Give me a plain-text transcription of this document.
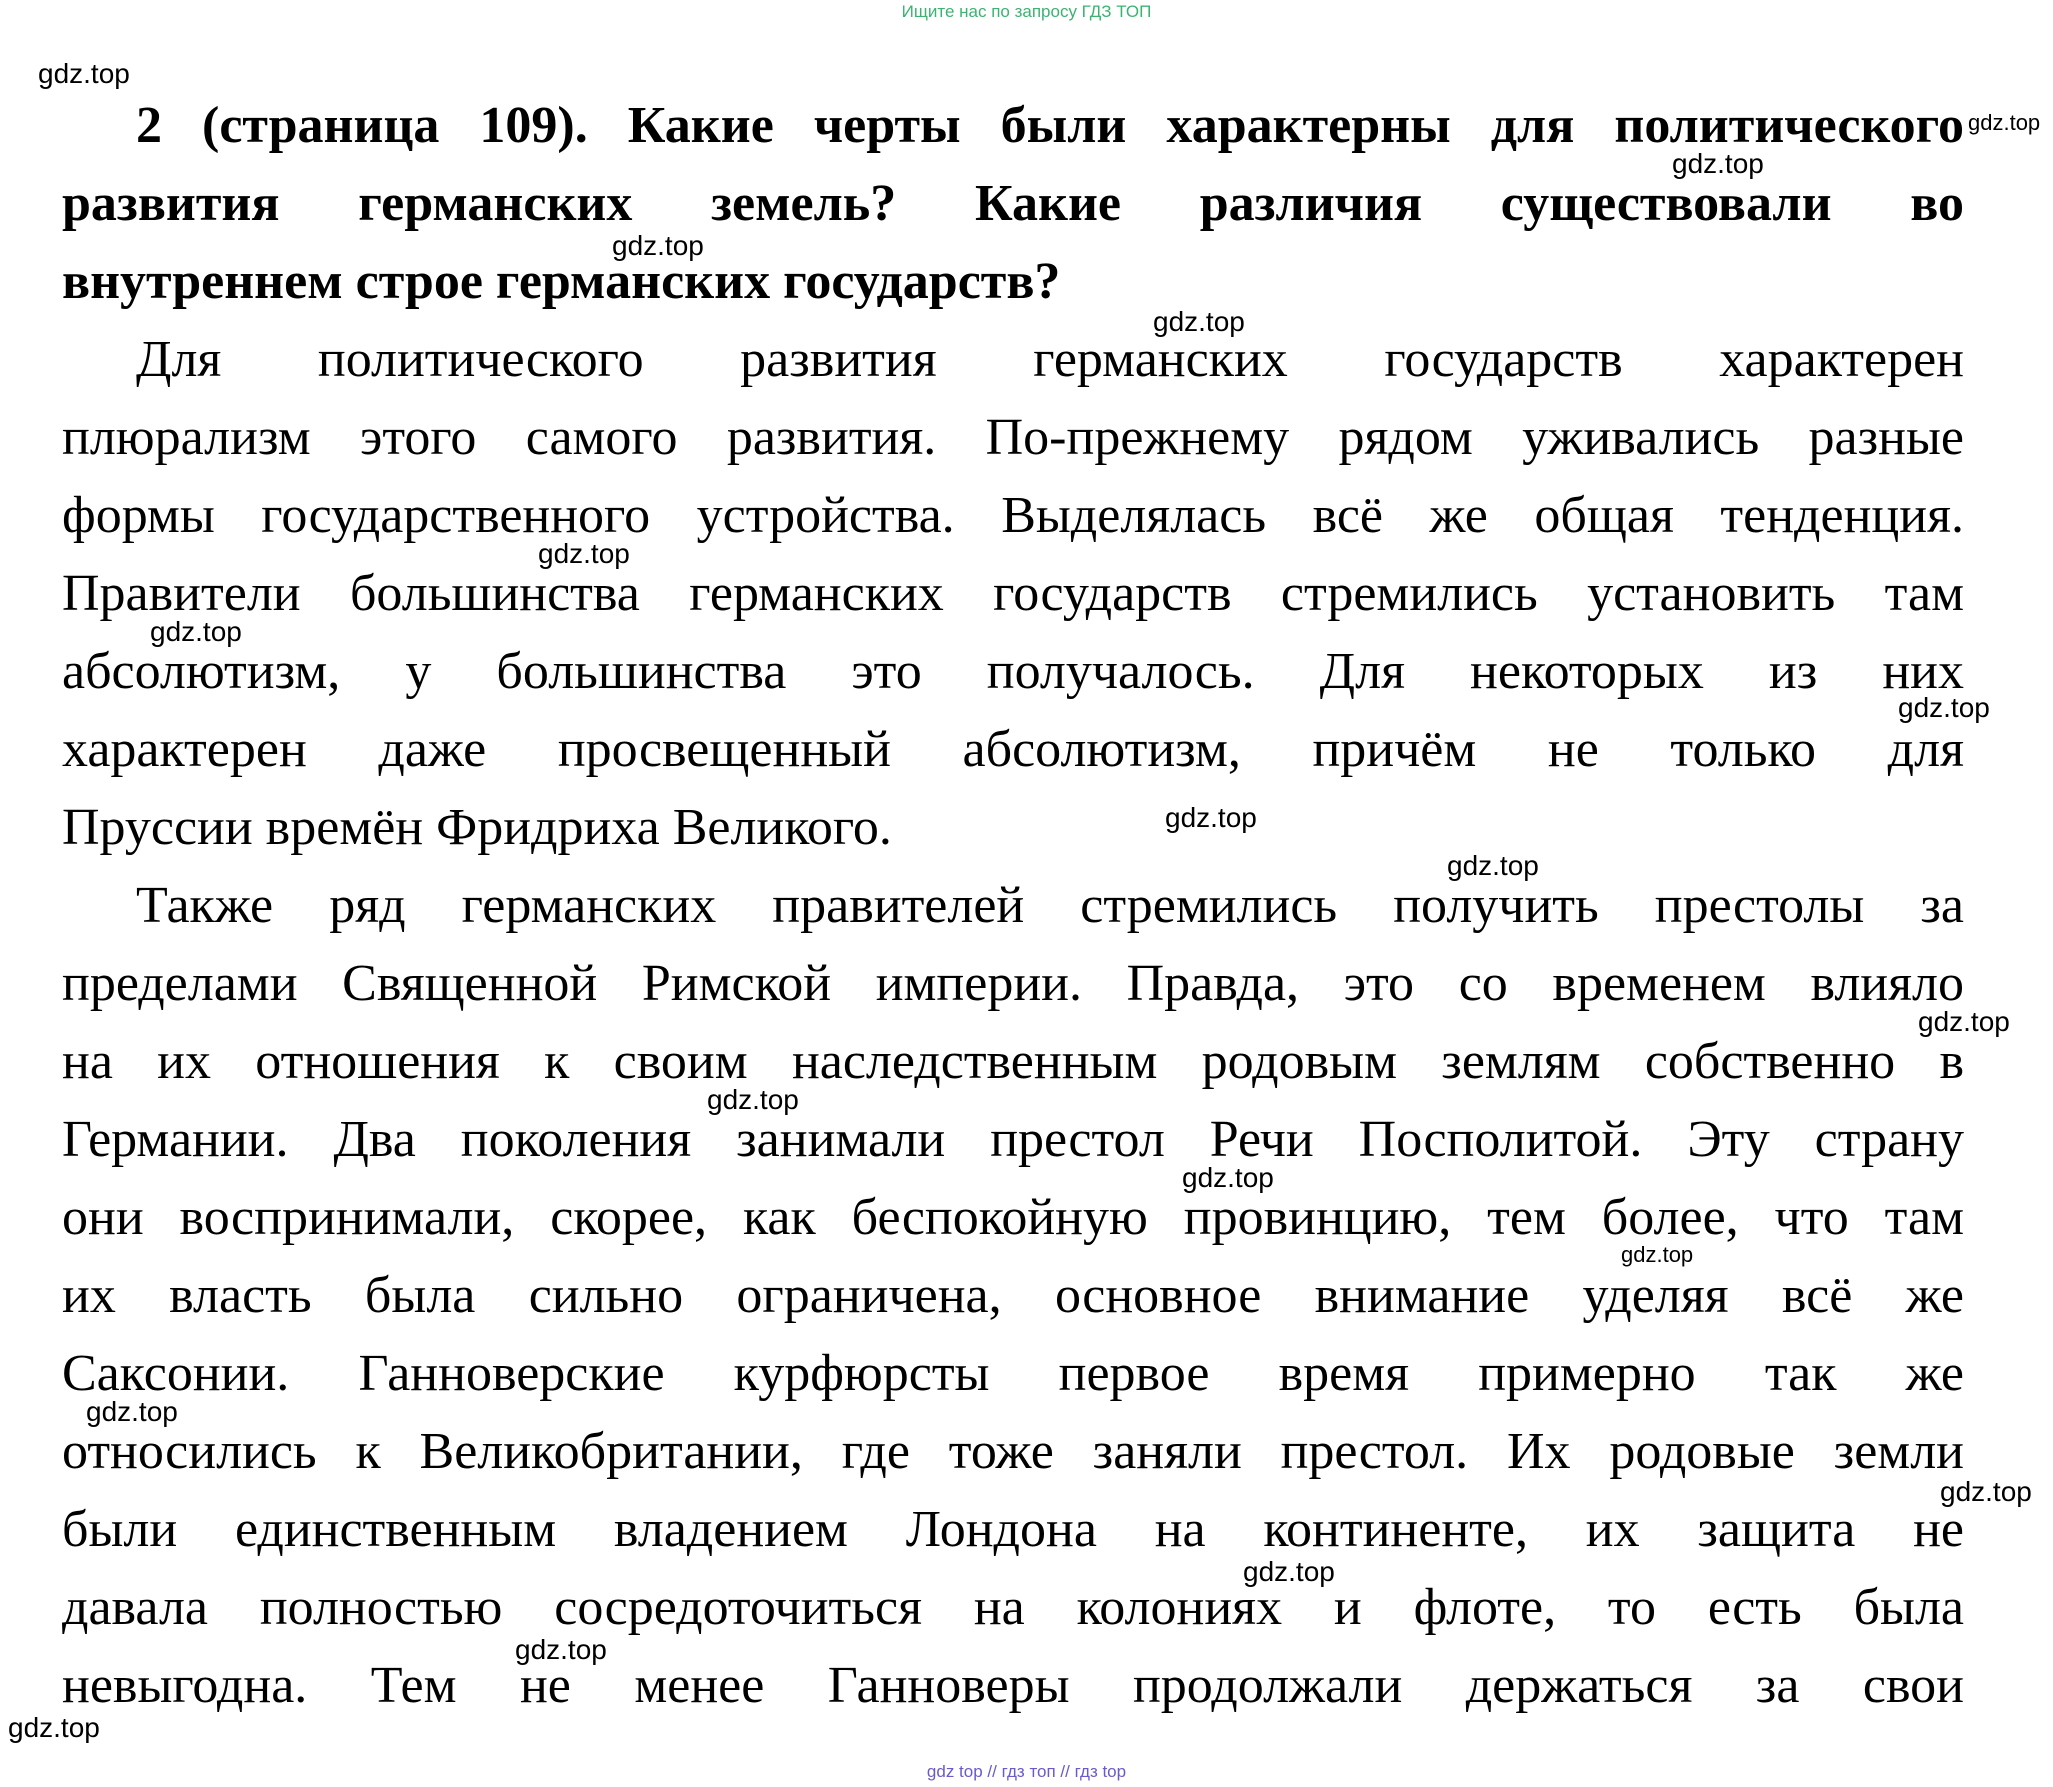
Ищите нас по запросу ГДЗ ТОП
2 (страница 109). Какие черты были характерны для политического
развития германских земель? Какие различия существовали во
внутреннем строе германских государств?
Для политического развития германских государств характерен
плюрализм этого самого развития. По-прежнему рядом уживались разные
формы государственного устройства. Выделялась всё же общая тенденция.
Правители большинства германских государств стремились установить там
абсолютизм, у большинства это получалось. Для некоторых из них
характерен даже просвещенный абсолютизм, причём не только для
Пруссии времён Фридриха Великого.
Также ряд германских правителей стремились получить престолы за
пределами Священной Римской империи. Правда, это со временем влияло
на их отношения к своим наследственным родовым землям собственно в
Германии. Два поколения занимали престол Речи Посполитой. Эту страну
они воспринимали, скорее, как беспокойную провинцию, тем более, что там
их власть была сильно ограничена, основное внимание уделяя всё же
Саксонии. Ганноверские курфюрсты первое время примерно так же
относились к Великобритании, где тоже заняли престол. Их родовые земли
были единственным владением Лондона на континенте, их защита не
давала полностью сосредоточиться на колониях и флоте, то есть была
невыгодна. Тем не менее Ганноверы продолжали держаться за свои
gdz.top
gdz.top
gdz.top
gdz.top
gdz.top
gdz.top
gdz.top
gdz.top
gdz.top
gdz.top
gdz.top
gdz.top
gdz.top
gdz.top
gdz.top
gdz.top
gdz.top
gdz.top
gdz.top
gdz top // гдз топ // гдз top
